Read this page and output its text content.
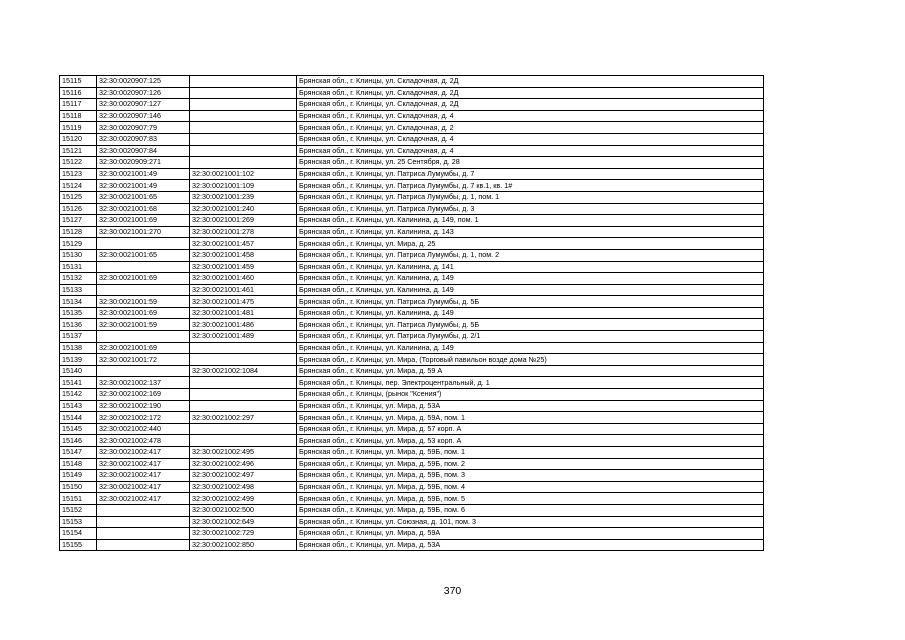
15115	32:30:0020907:125		Брянская обл., г. Клинцы, ул. Складочная, д. 2Д
15116	32:30:0020907:126		Брянская обл., г. Клинцы, ул. Складочная, д. 2Д
15117	32:30:0020907:127		Брянская обл., г. Клинцы, ул. Складочная, д. 2Д
15118	32:30:0020907:146		Брянская обл., г. Клинцы, ул. Складочная, д. 4
15119	32:30:0020907:79		Брянская обл., г. Клинцы, ул. Складочная, д. 2
15120	32:30:0020907:83		Брянская обл., г. Клинцы, ул. Складочная, д. 4
15121	32:30:0020907:84		Брянская обл., г. Клинцы, ул. Складочная, д. 4
15122	32:30:0020909:271		Брянская обл., г. Клинцы, ул. 25 Сентября, д. 28
15123	32:30:0021001:49	32:30:0021001:102	Брянская обл., г. Клинцы, ул. Патриса Лумумбы, д. 7
15124	32:30:0021001:49	32:30:0021001:109	Брянская обл., г. Клинцы, ул. Патриса Лумумбы, д. 7 кв.1, кв. 1#
15125	32:30:0021001:65	32:30:0021001:239	Брянская обл., г. Клинцы, ул. Патриса Лумумбы, д. 1, пом. 1
15126	32:30:0021001:68	32:30:0021001:240	Брянская обл., г. Клинцы, ул. Патриса Лумумбы, д. 3
15127	32:30:0021001:69	32:30:0021001:269	Брянская обл., г. Клинцы, ул. Калинина, д. 149, пом. 1
15128	32:30:0021001:270	32:30:0021001:278	Брянская обл., г. Клинцы, ул. Калинина, д. 143
15129		32:30:0021001:457	Брянская обл., г. Клинцы, ул. Мира, д. 25
15130	32:30:0021001:65	32:30:0021001:458	Брянская обл., г. Клинцы, ул. Патриса Лумумбы, д. 1, пом. 2
15131		32:30:0021001:459	Брянская обл., г. Клинцы, ул. Калинина, д. 141
15132	32:30:0021001:69	32:30:0021001:460	Брянская обл., г. Клинцы, ул. Калинина, д. 149
15133		32:30:0021001:461	Брянская обл., г. Клинцы, ул. Калинина, д. 149
15134	32:30:0021001:59	32:30:0021001:475	Брянская обл., г. Клинцы, ул. Патриса Лумумбы, д. 5Б
15135	32:30:0021001:69	32:30:0021001:481	Брянская обл., г. Клинцы, ул. Калинина, д. 149
15136	32:30:0021001:59	32:30:0021001:486	Брянская обл., г. Клинцы, ул. Патриса Лумумбы, д. 5Б
15137		32:30:0021001:489	Брянская обл., г. Клинцы, ул. Патриса Лумумбы, д. 2/1
15138	32:30:0021001:69		Брянская обл., г. Клинцы, ул. Калинина, д. 149
15139	32:30:0021001:72		Брянская обл., г. Клинцы, ул. Мира, (Торговый павильон возде дома №25)
15140		32:30:0021002:1084	Брянская обл., г. Клинцы, ул. Мира, д. 59 А
15141	32:30:0021002:137		Брянская обл., г. Клинцы, пер. Электроцентральный, д. 1
15142	32:30:0021002:169		Брянская обл., г. Клинцы, (рынок "Ксения")
15143	32:30:0021002:190		Брянская обл., г. Клинцы, ул. Мира, д. 53А
15144	32:30:0021002:172	32:30:0021002:297	Брянская обл., г. Клинцы, ул. Мира, д. 59А, пом. 1
15145	32:30:0021002:440		Брянская обл., г. Клинцы, ул. Мира, д. 57 корп. А
15146	32:30:0021002:478		Брянская обл., г. Клинцы, ул. Мира, д. 53 корп. А
15147	32:30:0021002:417	32:30:0021002:495	Брянская обл., г. Клинцы, ул. Мира, д. 59Б, пом. 1
15148	32:30:0021002:417	32:30:0021002:496	Брянская обл., г. Клинцы, ул. Мира, д. 59Б, пом. 2
15149	32:30:0021002:417	32:30:0021002:497	Брянская обл., г. Клинцы, ул. Мира, д. 59Б, пом. 3
15150	32:30:0021002:417	32:30:0021002:498	Брянская обл., г. Клинцы, ул. Мира, д. 59Б, пом. 4
15151	32:30:0021002:417	32:30:0021002:499	Брянская обл., г. Клинцы, ул. Мира, д. 59Б, пом. 5
15152		32:30:0021002:500	Брянская обл., г. Клинцы, ул. Мира, д. 59Б, пом. 6
15153		32:30:0021002:649	Брянская обл., г. Клинцы, ул. Союзная, д. 101, пом. 3
15154		32:30:0021002:729	Брянская обл., г. Клинцы, ул. Мира, д. 59А
15155		32:30:0021002:850	Брянская обл., г. Клинцы, ул. Мира, д. 53А
370
